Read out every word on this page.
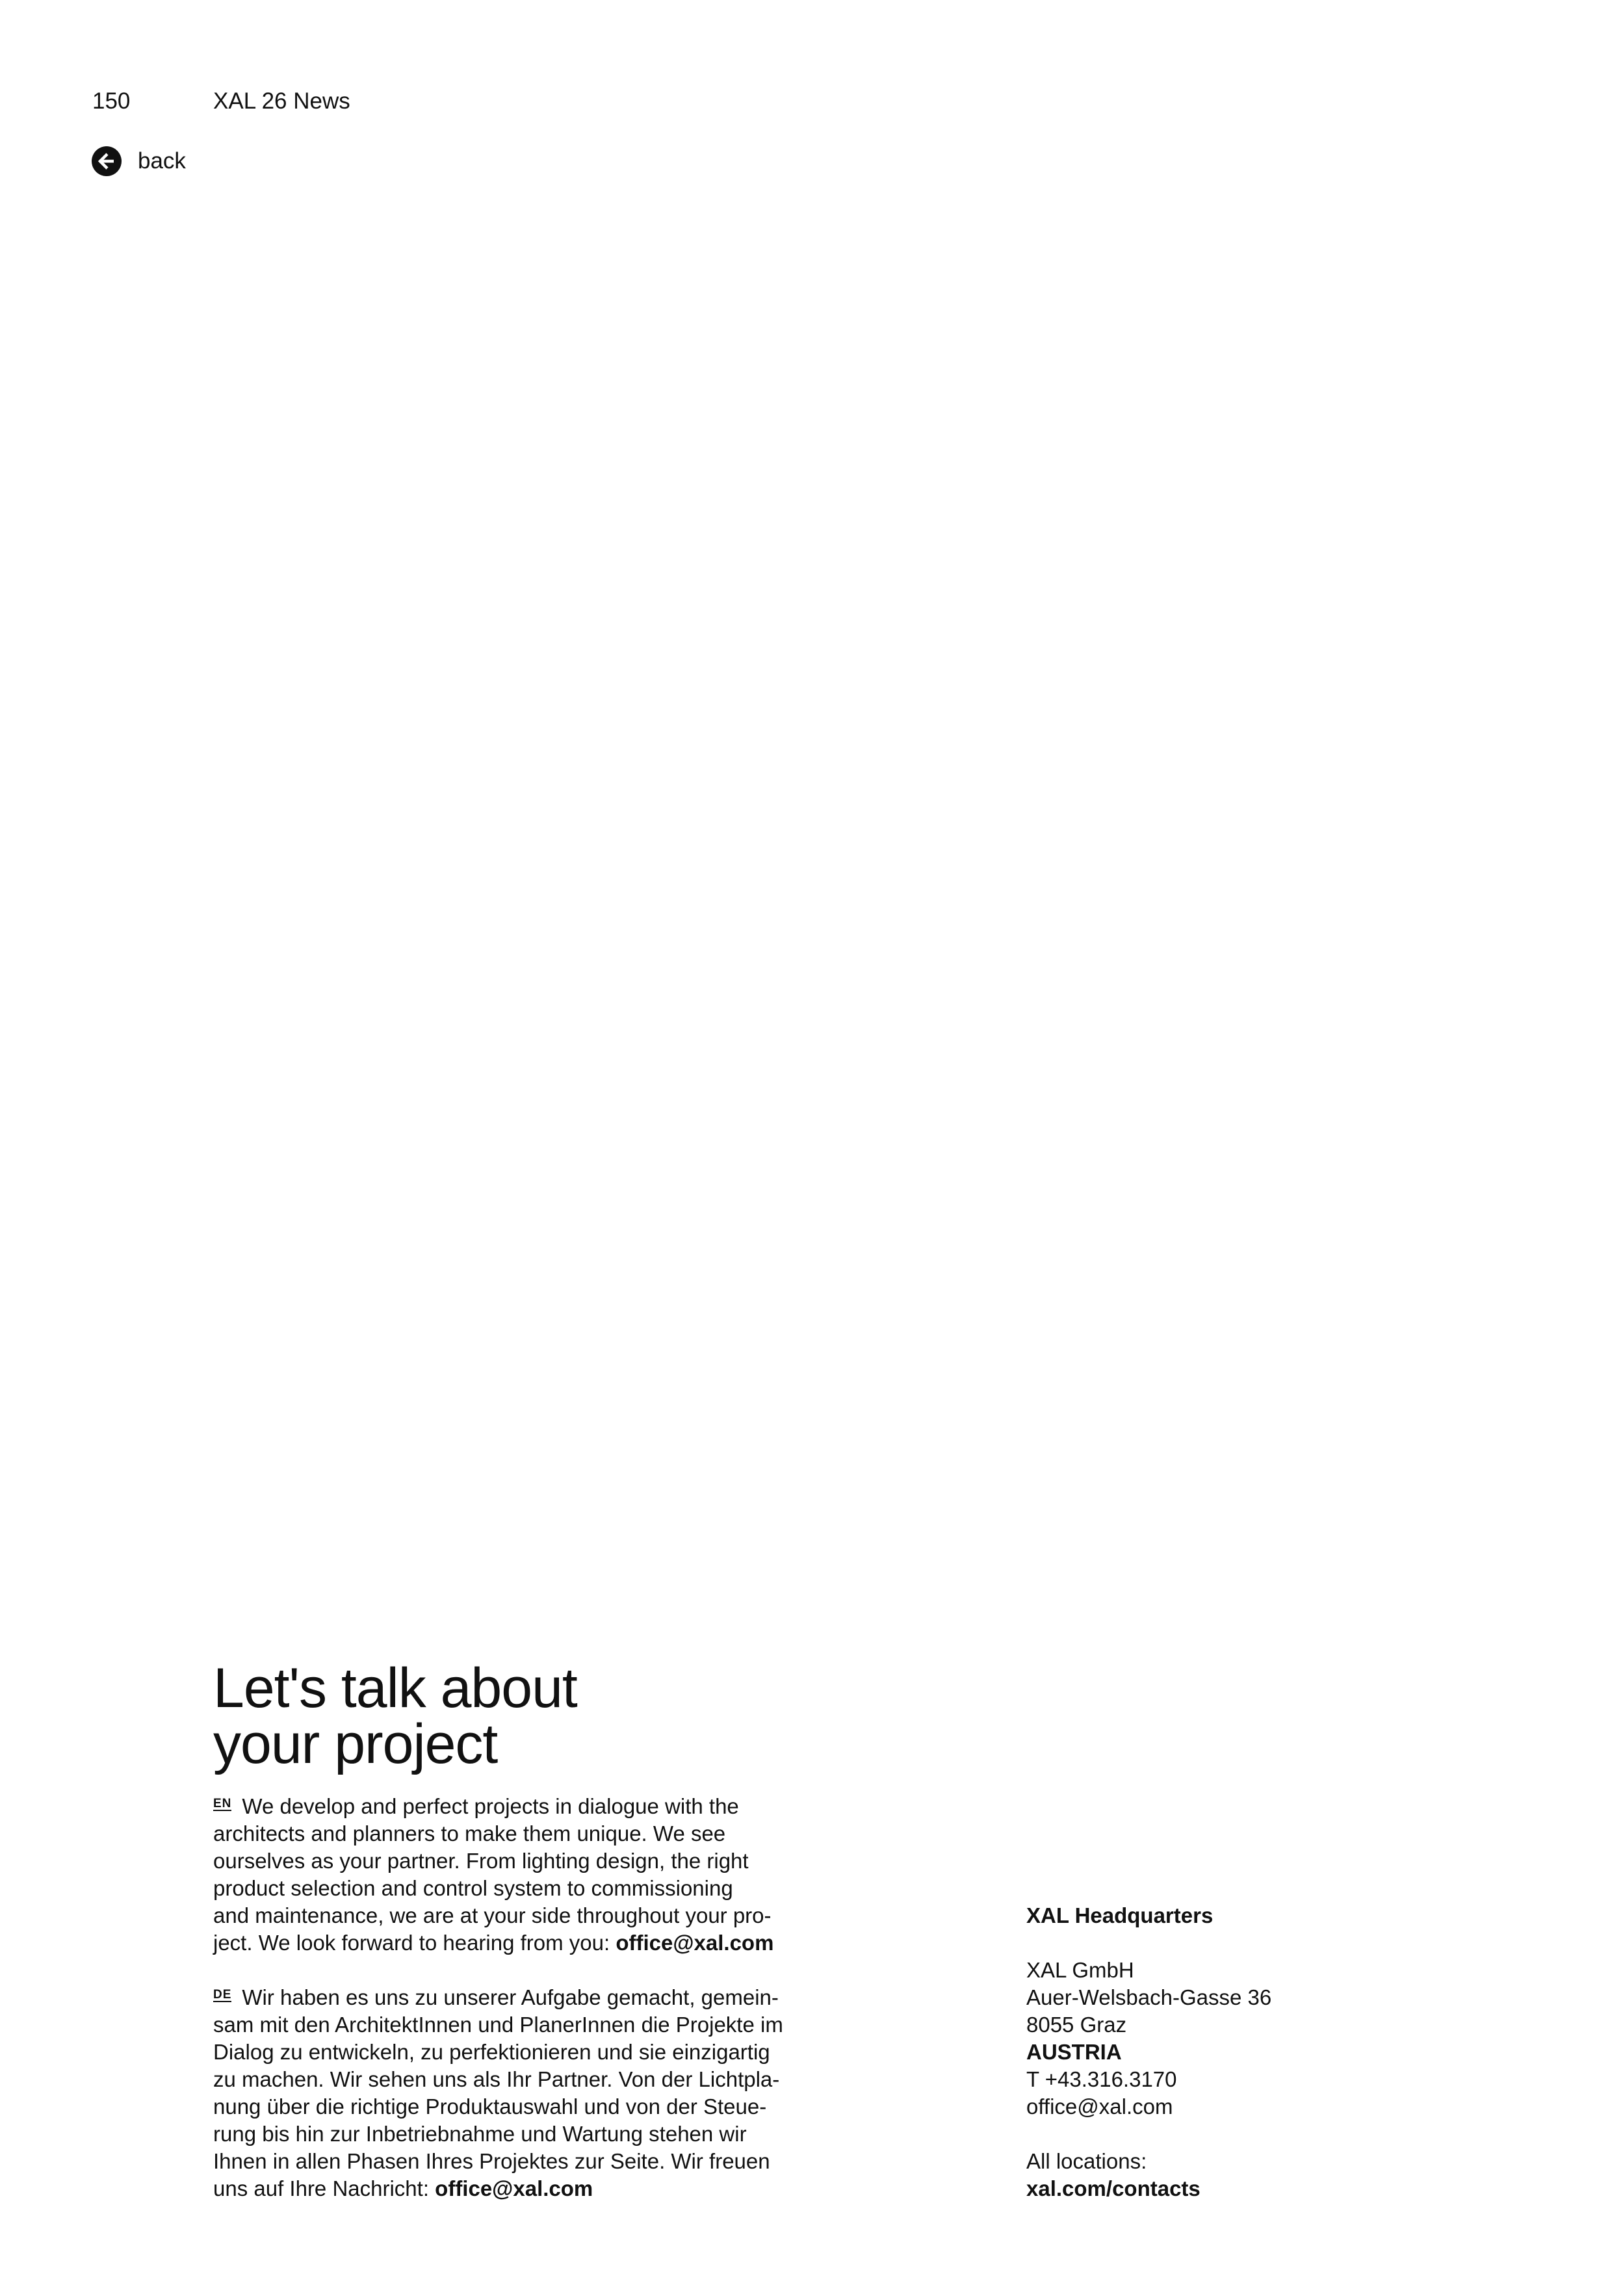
150	XAL 26 News
back
Let's talk about
your project

EN We develop and perfect projects in dialogue with the
architects and planners to make them unique. We see
ourselves as your partner. From lighting design, the right
product selection and control system to commissioning
and maintenance, we are at your side throughout your pro-
ject. We look forward to hearing from you: office@xal.com

DE Wir haben es uns zu unserer Aufgabe gemacht, gemein-
sam mit den ArchitektInnen und PlanerInnen die Projekte im
Dialog zu entwickeln, zu perfektionieren und sie einzigartig
zu machen. Wir sehen uns als Ihr Partner. Von der Lichtpla-
nung über die richtige Produktauswahl und von der Steue-
rung bis hin zur Inbetriebnahme und Wartung stehen wir
Ihnen in allen Phasen Ihres Projektes zur Seite. Wir freuen
uns auf Ihre Nachricht: office@xal.com

XAL Headquarters
XAL GmbH
Auer-Welsbach-Gasse 36
8055 Graz
AUSTRIA
T +43.316.3170
office@xal.com
All locations:
xal.com/contacts
